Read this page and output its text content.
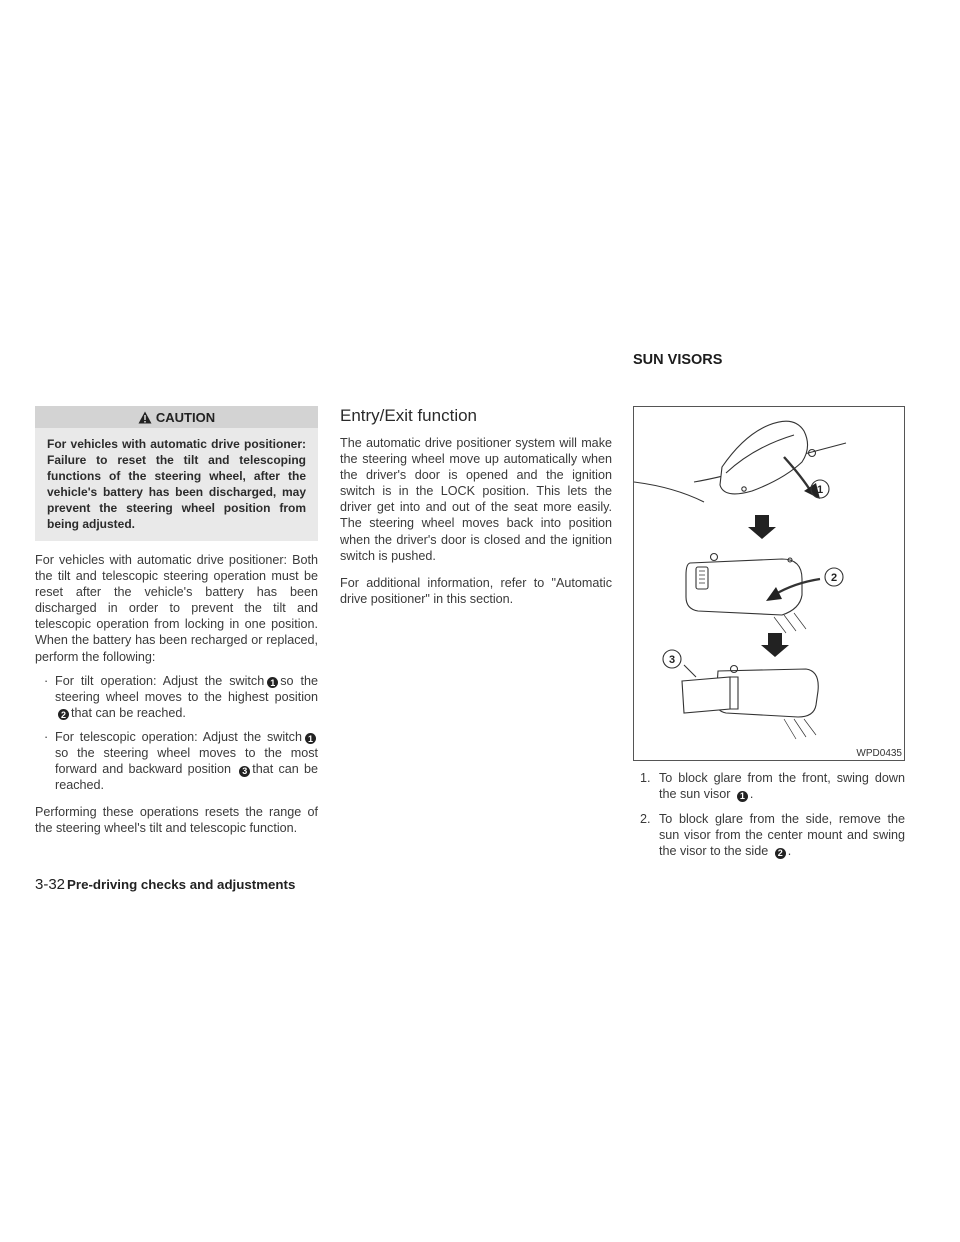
SUN VISORS
CAUTION
For vehicles with automatic drive positioner: Failure to reset the tilt and telescoping functions of the steering wheel, after the vehicle's battery has been discharged, may prevent the steering wheel position from being adjusted.

For vehicles with automatic drive positioner: Both the tilt and telescopic steering operation must be reset after the vehicle's battery has been discharged in order to prevent the tilt and telescopic operation from locking in one position. When the battery has been recharged or replaced, perform the following:

· For tilt operation: Adjust the switch 1 so the steering wheel moves to the highest position 2 that can be reached.
· For telescopic operation: Adjust the switch 1so the steering wheel moves to the most forward and backward position 3 that can be reached.

Performing these operations resets the range of the steering wheel's tilt and telescopic function.

Entry/Exit function

The automatic drive positioner system will make the steering wheel move up automatically when the driver's door is opened and the ignition switch is in the LOCK position. This lets the driver get into and out of the seat more easily. The steering wheel moves back into position when the driver's door is closed and the ignition switch is pushed.

For additional information, refer to "Automatic drive positioner" in this section.

1
2
3
WPD0435
1. To block glare from the front, swing down the sun visor 1 .
2. To block glare from the side, remove the sun visor from the center mount and swing the visor to the side 2 .
3-32 Pre-driving checks and adjustments
